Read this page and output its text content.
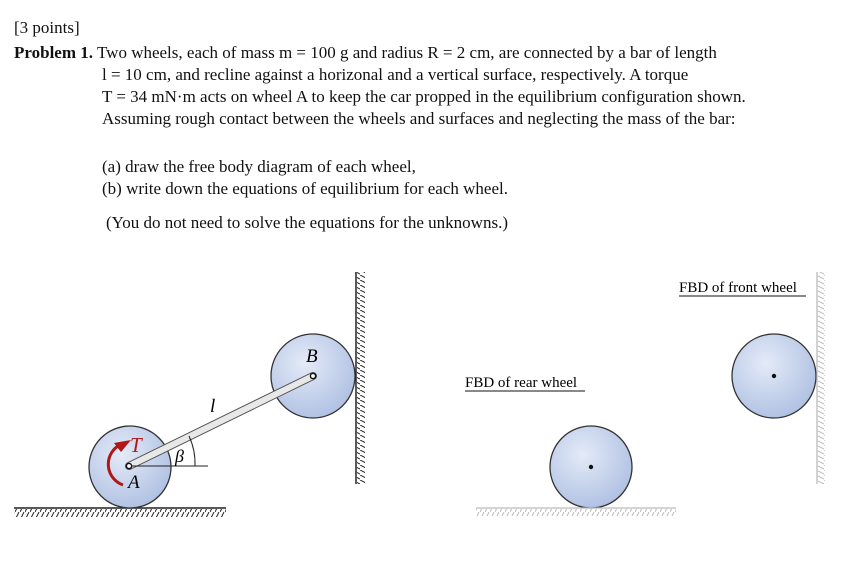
[3 points]
Problem 1. Two wheels, each of mass m = 100 g and radius R = 2 cm, are connected by a bar of length
l = 10 cm, and recline against a horizonal and a vertical surface, respectively. A torque
T = 34 mN·m acts on wheel A to keep the car propped in the equilibrium configuration shown.
Assuming rough contact between the wheels and surfaces and neglecting the mass of the bar:
(a) draw the free body diagram of each wheel,
(b) write down the equations of equilibrium for each wheel.
(You do not need to solve the equations for the unknowns.)
β
l
T
A
B
FBD of rear wheel
FBD of front wheel
